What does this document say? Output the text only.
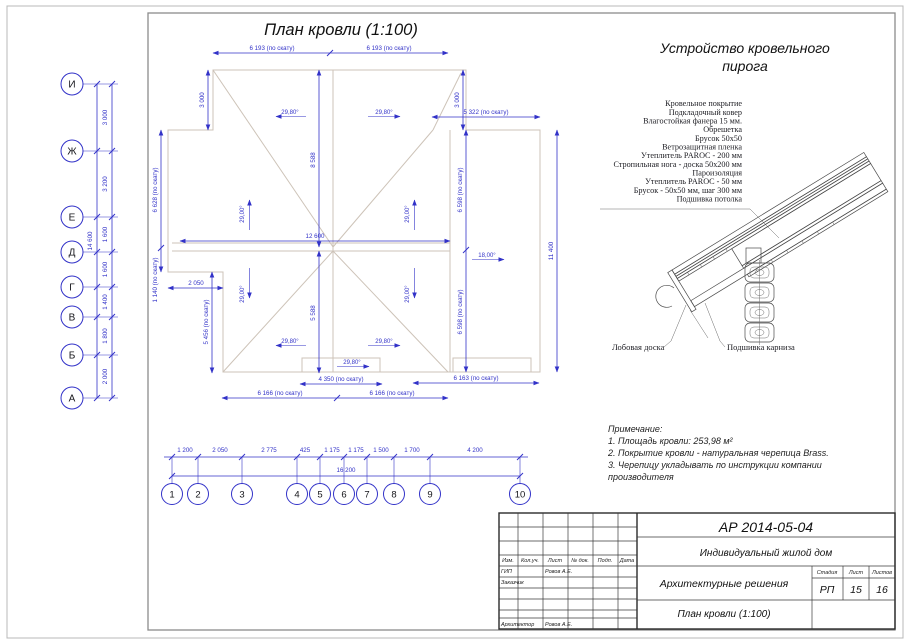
План кровли (1:100)
Устройство кровельного
пирога
И
Ж
Е
Д
Г
В
Б
А
3 000
3 200
1 600
1 600
1 400
1 800
2 000
14 600
6 193 (по скату)	6 193 (по скату)
3 000	3 000
5 322 (по скату)
8 588
5 588
12 600
6 598 (по скату)
6 598 (по скату)
11 400
6 628 (по скату)
1 140 (по скату)	2 050
5 456 (по скату)
4 350 (по скату)
6 166 (по скату)	6 166 (по скату)
6 163 (по скату)
29,80°	29,80°
29,00°	29,00°
18,00°
29,00°	29,00°
29,80°	29,80°
29,80°
1 200	2 050	2 775	425 1 175 1 175 1 500	1 700	4 200
16 200
1 2	3	4 5 6 7 8	9	10
Кровельное покрытие
Подкладочный ковер
Влагостойкая фанера 15 мм.
Обрешетка
Брусок 50x50
Ветрозащитная пленка
Утеплитель PAROC - 200 мм
Стропильная нога - доска 50x200 мм
Пароизоляция
Утеплитель PAROC - 50 мм
Брусок - 50x50 мм, шаг 300 мм
Подшивка потолка
Лобовая доска	Подшивка карниза
Примечание:
1. Площадь кровли: 253,98 м²
2. Покрытие кровли - натуральная черепица Brass.
3. Черепицу укладывать по инструкции компании
производителя
АР 2014-05-04
Индивидуальный жилой дом
Архитектурные решения
План кровли (1:100)
Стадия Лист Листов
РП 15 16
Изм. Кол.уч. Лист № док. Подп. Дата
ГИП	Ровов А.Е.
Заказчик
Архитектор Ровов А.Е.
